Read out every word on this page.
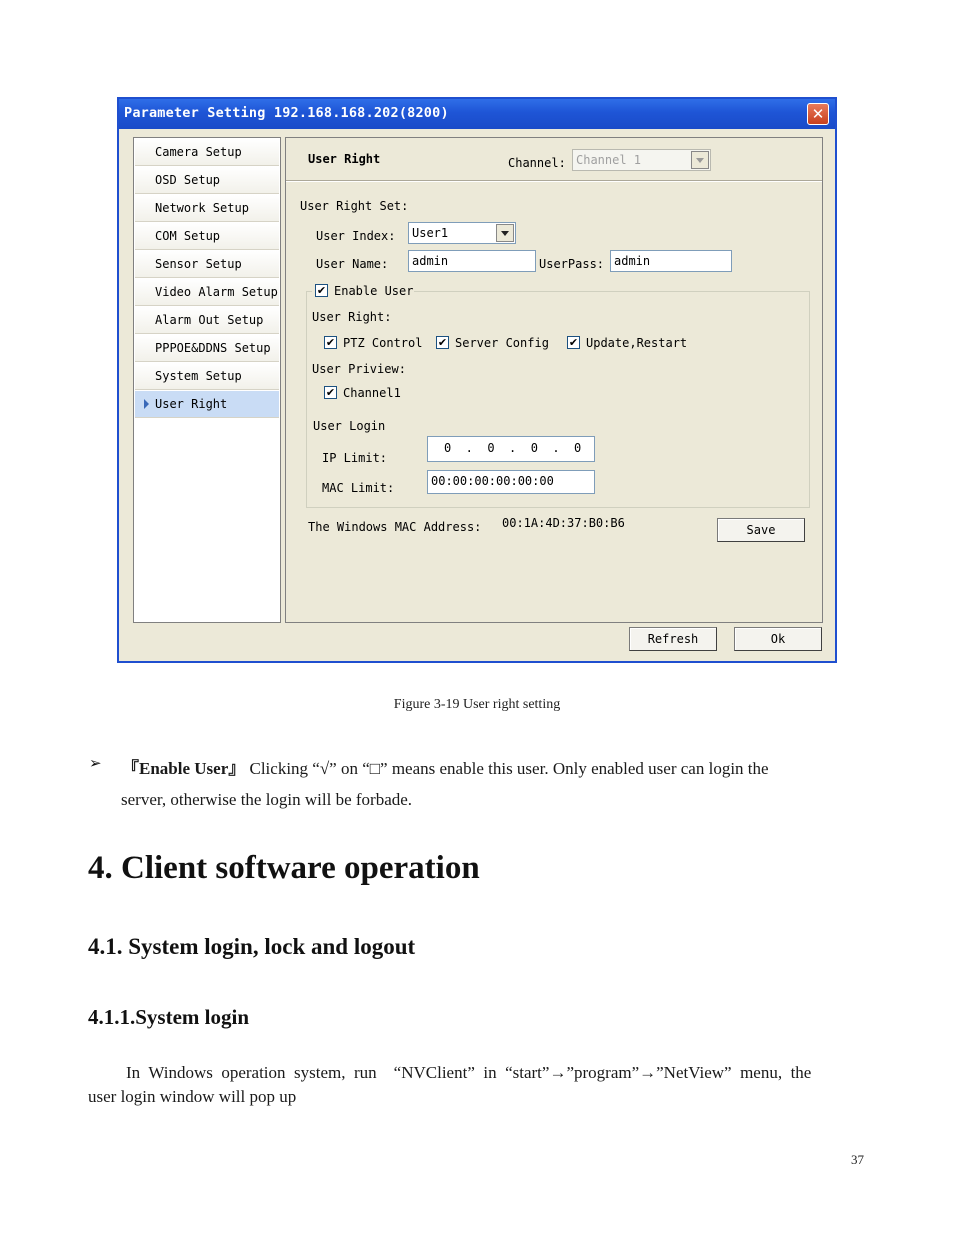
Parameter Setting 192.168.168.202(8200)	✕
Camera Setup
OSD Setup
Network Setup
COM Setup
Sensor Setup
Video Alarm Setup
Alarm Out Setup
PPPOE&DDNS Setup
System Setup
User Right
User Right	Channel: Channel 1
User Right Set:
User Index: User1
User Name: admin	UserPass: admin
✔ Enable User
User Right:
✔ PTZ Control ✔ Server Config ✔ Update,Restart
User Priview:
✔ Channel1
User Login
IP Limit:
0  .  0  .  0  .  0
MAC Limit:	00:00:00:00:00:00
The Windows MAC Address: 00:1A:4D:37:B0:B6	Save
Refresh	Ok
Figure 3-19 User right setting
➢ 『Enable User』 Clicking “√” on “□” means enable this user. Only enabled user can login the
server, otherwise the login will be forbade.
4. Client software operation
4.1. System login, lock and logout
4.1.1.System login
In  Windows  operation  system,  run    “NVClient”  in  “start”→”program”→”NetView”  menu,  the
user login window will pop up
37
